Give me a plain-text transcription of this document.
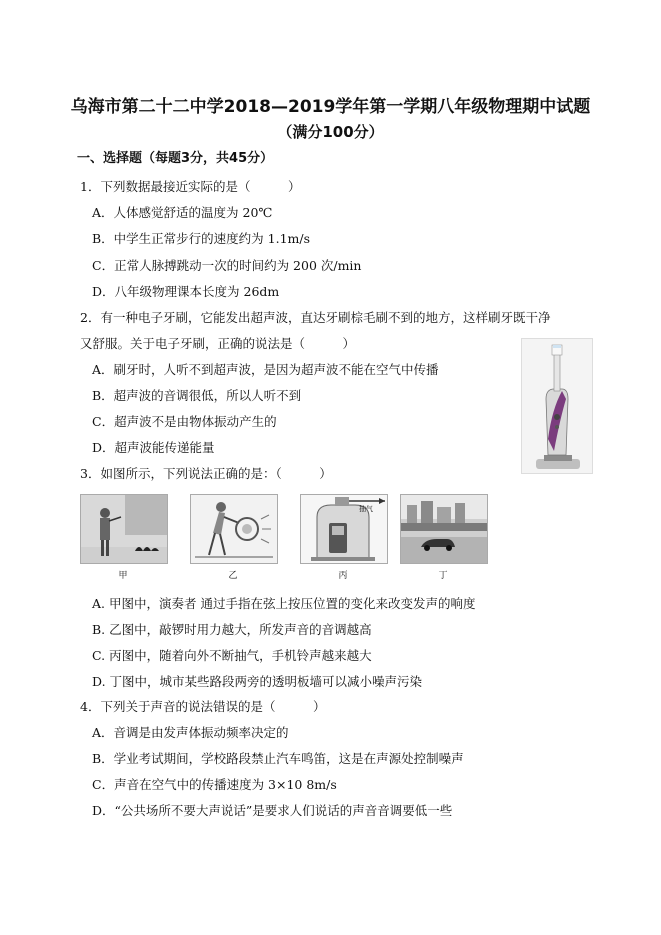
乌海市第二十二中学2018—2019学年第一学期八年级物理期中试题
（满分100分）
一、选择题（每题3分，共45分）
1．下列数据最接近实际的是（　　　）
A．人体感觉舒适的温度为 20℃
B．中学生正常步行的速度约为 1.1m/s
C．正常人脉搏跳动一次的时间约为 200 次/min
D．八年级物理课本长度为 26dm
2．有一种电子牙刷，它能发出超声波，直达牙刷棕毛刷不到的地方，这样刷牙既干净
又舒服。关于电子牙刷，正确的说法是（　　　）
A．刷牙时，人听不到超声波，是因为超声波不能在空气中传播
B．超声波的音调很低，所以人听不到
C．超声波不是由物体振动产生的
D．超声波能传递能量
3．如图所示，下列说法正确的是：（　　　）
甲	乙
抽气
丙	丁
A. 甲图中，演奏者 通过手指在弦上按压位置的变化来改变发声的响度
B. 乙图中，敲锣时用力越大，所发声音的音调越高
C. 丙图中，随着向外不断抽气，手机铃声越来越大
D. 丁图中，城市某些路段两旁的透明板墙可以减小噪声污染
4．下列关于声音的说法错误的是（　　　）
A．音调是由发声体振动频率决定的
B．学业考试期间，学校路段禁止汽车鸣笛，这是在声源处控制噪声
C．声音在空气中的传播速度为 3×10 8m/s
D．“公共场所不要大声说话”是要求人们说话的声音音调要低一些
